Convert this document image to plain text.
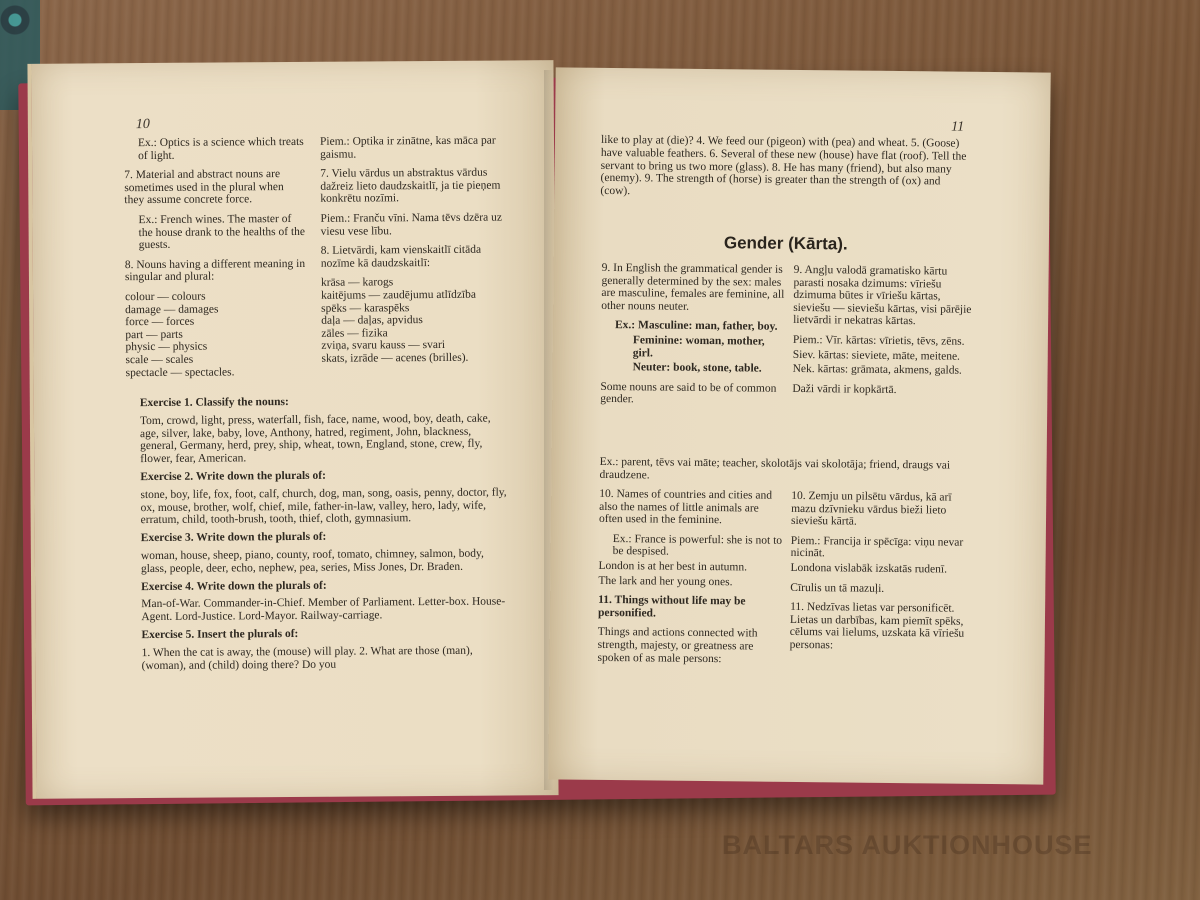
10

Ex.: Optics is a science which treats of light.

7. Material and abstract nouns are sometimes used in the plural when they assume concrete force.

Ex.: French wines. The master of the house drank to the healths of the guests.

8. Nouns having a different meaning in singular and plural:

colour — colours
damage — damages
force — forces
part — parts
physic — physics
scale — scales
spectacle — spectacles.

Piem.: Optika ir zinātne, kas māca par gaismu.

7. Vielu vārdus un abstraktus vārdus dažreiz lieto daudzskaitlī, ja tie pieņem konkrētu nozīmi.

Piem.: Franču vīni. Nama tēvs dzēra uz viesu vese lību.

8. Lietvārdi, kam vienskaitlī citāda nozīme kā daudzskaitlī:

krāsa — karogs
kaitējums — zaudējumu atlīdzība
spēks — karaspēks
daļa — daļas, apvidus
zāles — fizika
zviņa, svaru kauss — svari
skats, izrāde — acenes (brilles).

Exercise 1. Classify the nouns:

Tom, crowd, light, press, waterfall, fish, face, name, wood, boy, death, cake, age, silver, lake, baby, love, Anthony, hatred, regiment, John, blackness, general, Germany, herd, prey, ship, wheat, town, England, stone, crew, fly, flower, fear, American.

Exercise 2. Write down the plurals of:

stone, boy, life, fox, foot, calf, church, dog, man, song, oasis, penny, doctor, fly, ox, mouse, brother, wolf, chief, mile, father-in-law, valley, hero, lady, wife, erratum, child, tooth-brush, tooth, thief, cloth, gymnasium.

Exercise 3. Write down the plurals of:

woman, house, sheep, piano, county, roof, tomato, chimney, salmon, body, glass, people, deer, echo, nephew, pea, series, Miss Jones, Dr. Braden.

Exercise 4. Write down the plurals of:

Man-of-War. Commander-in-Chief. Member of Parliament. Letter-box. House-Agent. Lord-Justice. Lord-Mayor. Railway-carriage.

Exercise 5. Insert the plurals of:

1. When the cat is away, the (mouse) will play. 2. What are those (man), (woman), and (child) doing there? Do you

11
like to play at (die)? 4. We feed our (pigeon) with (pea) and wheat. 5. (Goose) have valuable feathers. 6. Several of these new (house) have flat (roof). Tell the servant to bring us two more (glass). 8. He has many (friend), but also many (enemy). 9. The strength of (horse) is greater than the strength of (ox) and (cow).
Gender (Kārta).

9. In English the grammatical gender is generally determined by the sex: males are masculine, females are feminine, all other nouns neuter.

Ex.: Masculine: man, father, boy.

Feminine: woman, mother, girl.

Neuter: book, stone, table.

Some nouns are said to be of common gender.

9. Angļu valodā gramatisko kārtu parasti nosaka dzimums: vīriešu dzimuma būtes ir vīriešu kārtas, sieviešu — sieviešu kārtas, visi pārējie lietvārdi ir nekatras kārtas.

Piem.: Vīr. kārtas: vīrietis, tēvs, zēns.

Siev. kārtas: sieviete, māte, meitene.

Nek. kārtas: grāmata, akmens, galds.

Daži vārdi ir kopkārtā.

Ex.: parent, tēvs vai māte; teacher, skolotājs vai skolotāja; friend, draugs vai draudzene.

10. Names of countries and cities and also the names of little animals are often used in the feminine.

Ex.: France is powerful: she is not to be despised.

London is at her best in autumn.

The lark and her young ones.

11. Things without life may be personified.

Things and actions connected with strength, majesty, or greatness are spoken of as male persons:

10. Zemju un pilsētu vārdus, kā arī mazu dzīvnieku vārdus bieži lieto sieviešu kārtā.

Piem.: Francija ir spēcīga: viņu nevar nicināt.

Londona vislabāk izskatās rudenī.

Cīrulis un tā mazuļi.

11. Nedzīvas lietas var personificēt. Lietas un darbības, kam piemīt spēks, cēlums vai lielums, uzskata kā vīriešu personas:

BALTARS AUKTIONHOUSE
